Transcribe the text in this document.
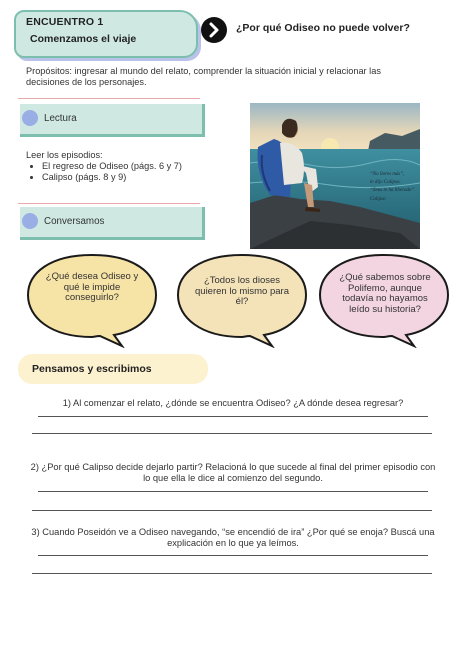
ENCUENTRO 1
Comenzamos el viaje
¿Por qué Odiseo no puede volver?
Propósitos: ingresar al mundo del relato, comprender la situación inicial y relacionar las decisiones de los personajes.
Lectura
Leer los episodios:
• El regreso de Odiseo (págs. 6 y 7)
• Calipso (págs. 8 y 9)
Conversamos
“No llores más”,
le dijo Calipso.
“Zeus te ha liberado”.
Calipso
¿Qué desea Odiseo y qué le impide conseguirlo?
¿Todos los dioses quieren lo mismo para él?
¿Qué sabemos sobre Polifemo, aunque todavía no hayamos leído su historia?
Pensamos y escribimos
1) Al comenzar el relato, ¿dónde se encuentra Odiseo? ¿A dónde desea regresar?
2) ¿Por qué Calipso decide dejarlo partir? Relacioná lo que sucede al final del primer episodio con lo que ella le dice al comienzo del segundo.
3) Cuando Poseidón ve a Odiseo navegando, “se encendió de ira” ¿Por qué se enoja? Buscá una explicación en lo que ya leímos.
